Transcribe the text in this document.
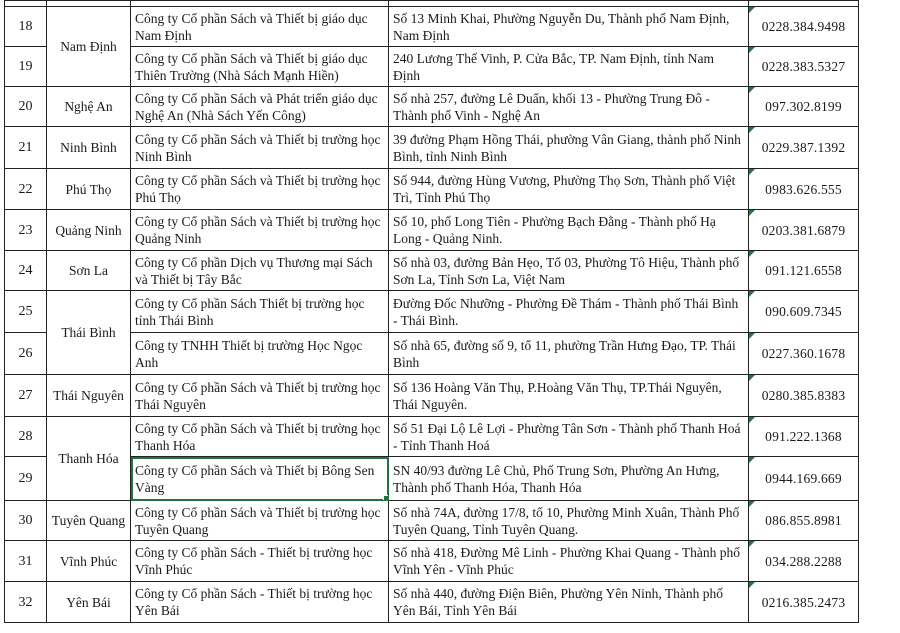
18	Nam Định	Công ty Cổ phần Sách và Thiết bị giáo dục Nam Định	Số 13 Minh Khai, Phường Nguyễn Du, Thành phố Nam Định, Nam Định	0228.384.9498
19		Công ty Cổ phần Sách và Thiết bị giáo dục Thiên Trường (Nhà Sách Mạnh Hiền)	240 Lương Thế Vinh, P. Cửa Bắc, TP. Nam Định, tỉnh Nam Định	0228.383.5327
20	Nghệ An	Công ty Cổ phần Sách và Phát triển giáo dục Nghệ An (Nhà Sách Yến Công)	Số nhà 257, đường Lê Duẩn, khối 13 - Phường Trung Đô - Thành phố Vinh - Nghệ An	097.302.8199
21	Ninh Bình	Công ty Cổ phần Sách và Thiết bị trường học Ninh Bình	39 đường Phạm Hồng Thái, phường Vân Giang, thành phố Ninh Bình, tỉnh Ninh Bình	0229.387.1392
22	Phú Thọ	Công ty Cổ phần Sách và Thiết bị trường học Phú Thọ	Số 944, đường Hùng Vương, Phường Thọ Sơn, Thành phố Việt Trì, Tỉnh Phú Thọ	0983.626.555
23	Quảng Ninh	Công ty Cổ phần Sách và Thiết bị trường học Quảng Ninh	Số 10, phố Long Tiên - Phường Bạch Đằng - Thành phố Hạ Long - Quảng Ninh.	0203.381.6879
24	Sơn La	Công ty Cổ phần Dịch vụ Thương mại Sách và Thiết bị Tây Bắc	Số nhà 03, đường Bản Hẹo, Tổ 03, Phường Tô Hiệu, Thành phố Sơn La, Tỉnh Sơn La, Việt Nam	091.121.6558
25	Thái Bình	Công ty Cổ phần Sách Thiết bị trường học tỉnh Thái Bình	Đường Đốc Nhưỡng - Phường Đề Thám - Thành phố Thái Bình - Thái Bình.	090.609.7345
26		Công ty TNHH Thiết bị trường Học Ngọc Anh	Số nhà 65, đường số 9, tổ 11, phường Trần Hưng Đạo, TP. Thái Bình	0227.360.1678
27	Thái Nguyên	Công ty Cổ phần Sách và Thiết bị trường học Thái Nguyên	Số 136 Hoàng Văn Thụ, P.Hoàng Văn Thụ, TP.Thái Nguyên, Thái Nguyên.	0280.385.8383
28	Thanh Hóa	Công ty Cổ phần Sách và Thiết bị trường học Thanh Hóa	Số 51 Đại Lộ Lê Lợi - Phường Tân Sơn - Thành phố Thanh Hoá - Tỉnh Thanh Hoá	091.222.1368
29		Công ty Cổ phần Sách và Thiết bị Bông Sen Vàng	SN 40/93 đường Lê Chủ, Phố Trung Sơn, Phường An Hưng, Thành phố Thanh Hóa, Thanh Hóa	0944.169.669
30	Tuyên Quang	Công ty Cổ phần Sách và Thiết bị trường học Tuyên Quang	Số nhà 74A, đường 17/8, tổ 10, Phường Minh Xuân, Thành Phố Tuyên Quang, Tỉnh Tuyên Quang.	086.855.8981
31	Vĩnh Phúc	Công ty Cổ phần Sách - Thiết bị trường học Vĩnh Phúc	Số nhà 418, Đường Mê Linh - Phường Khai Quang - Thành phố Vĩnh Yên - Vĩnh Phúc	034.288.2288
32	Yên Bái	Công ty Cổ phần Sách - Thiết bị trường học Yên Bái	Số nhà 440, đường Điện Biên, Phường Yên Ninh, Thành phố Yên Bái, Tỉnh Yên Bái	0216.385.2473
